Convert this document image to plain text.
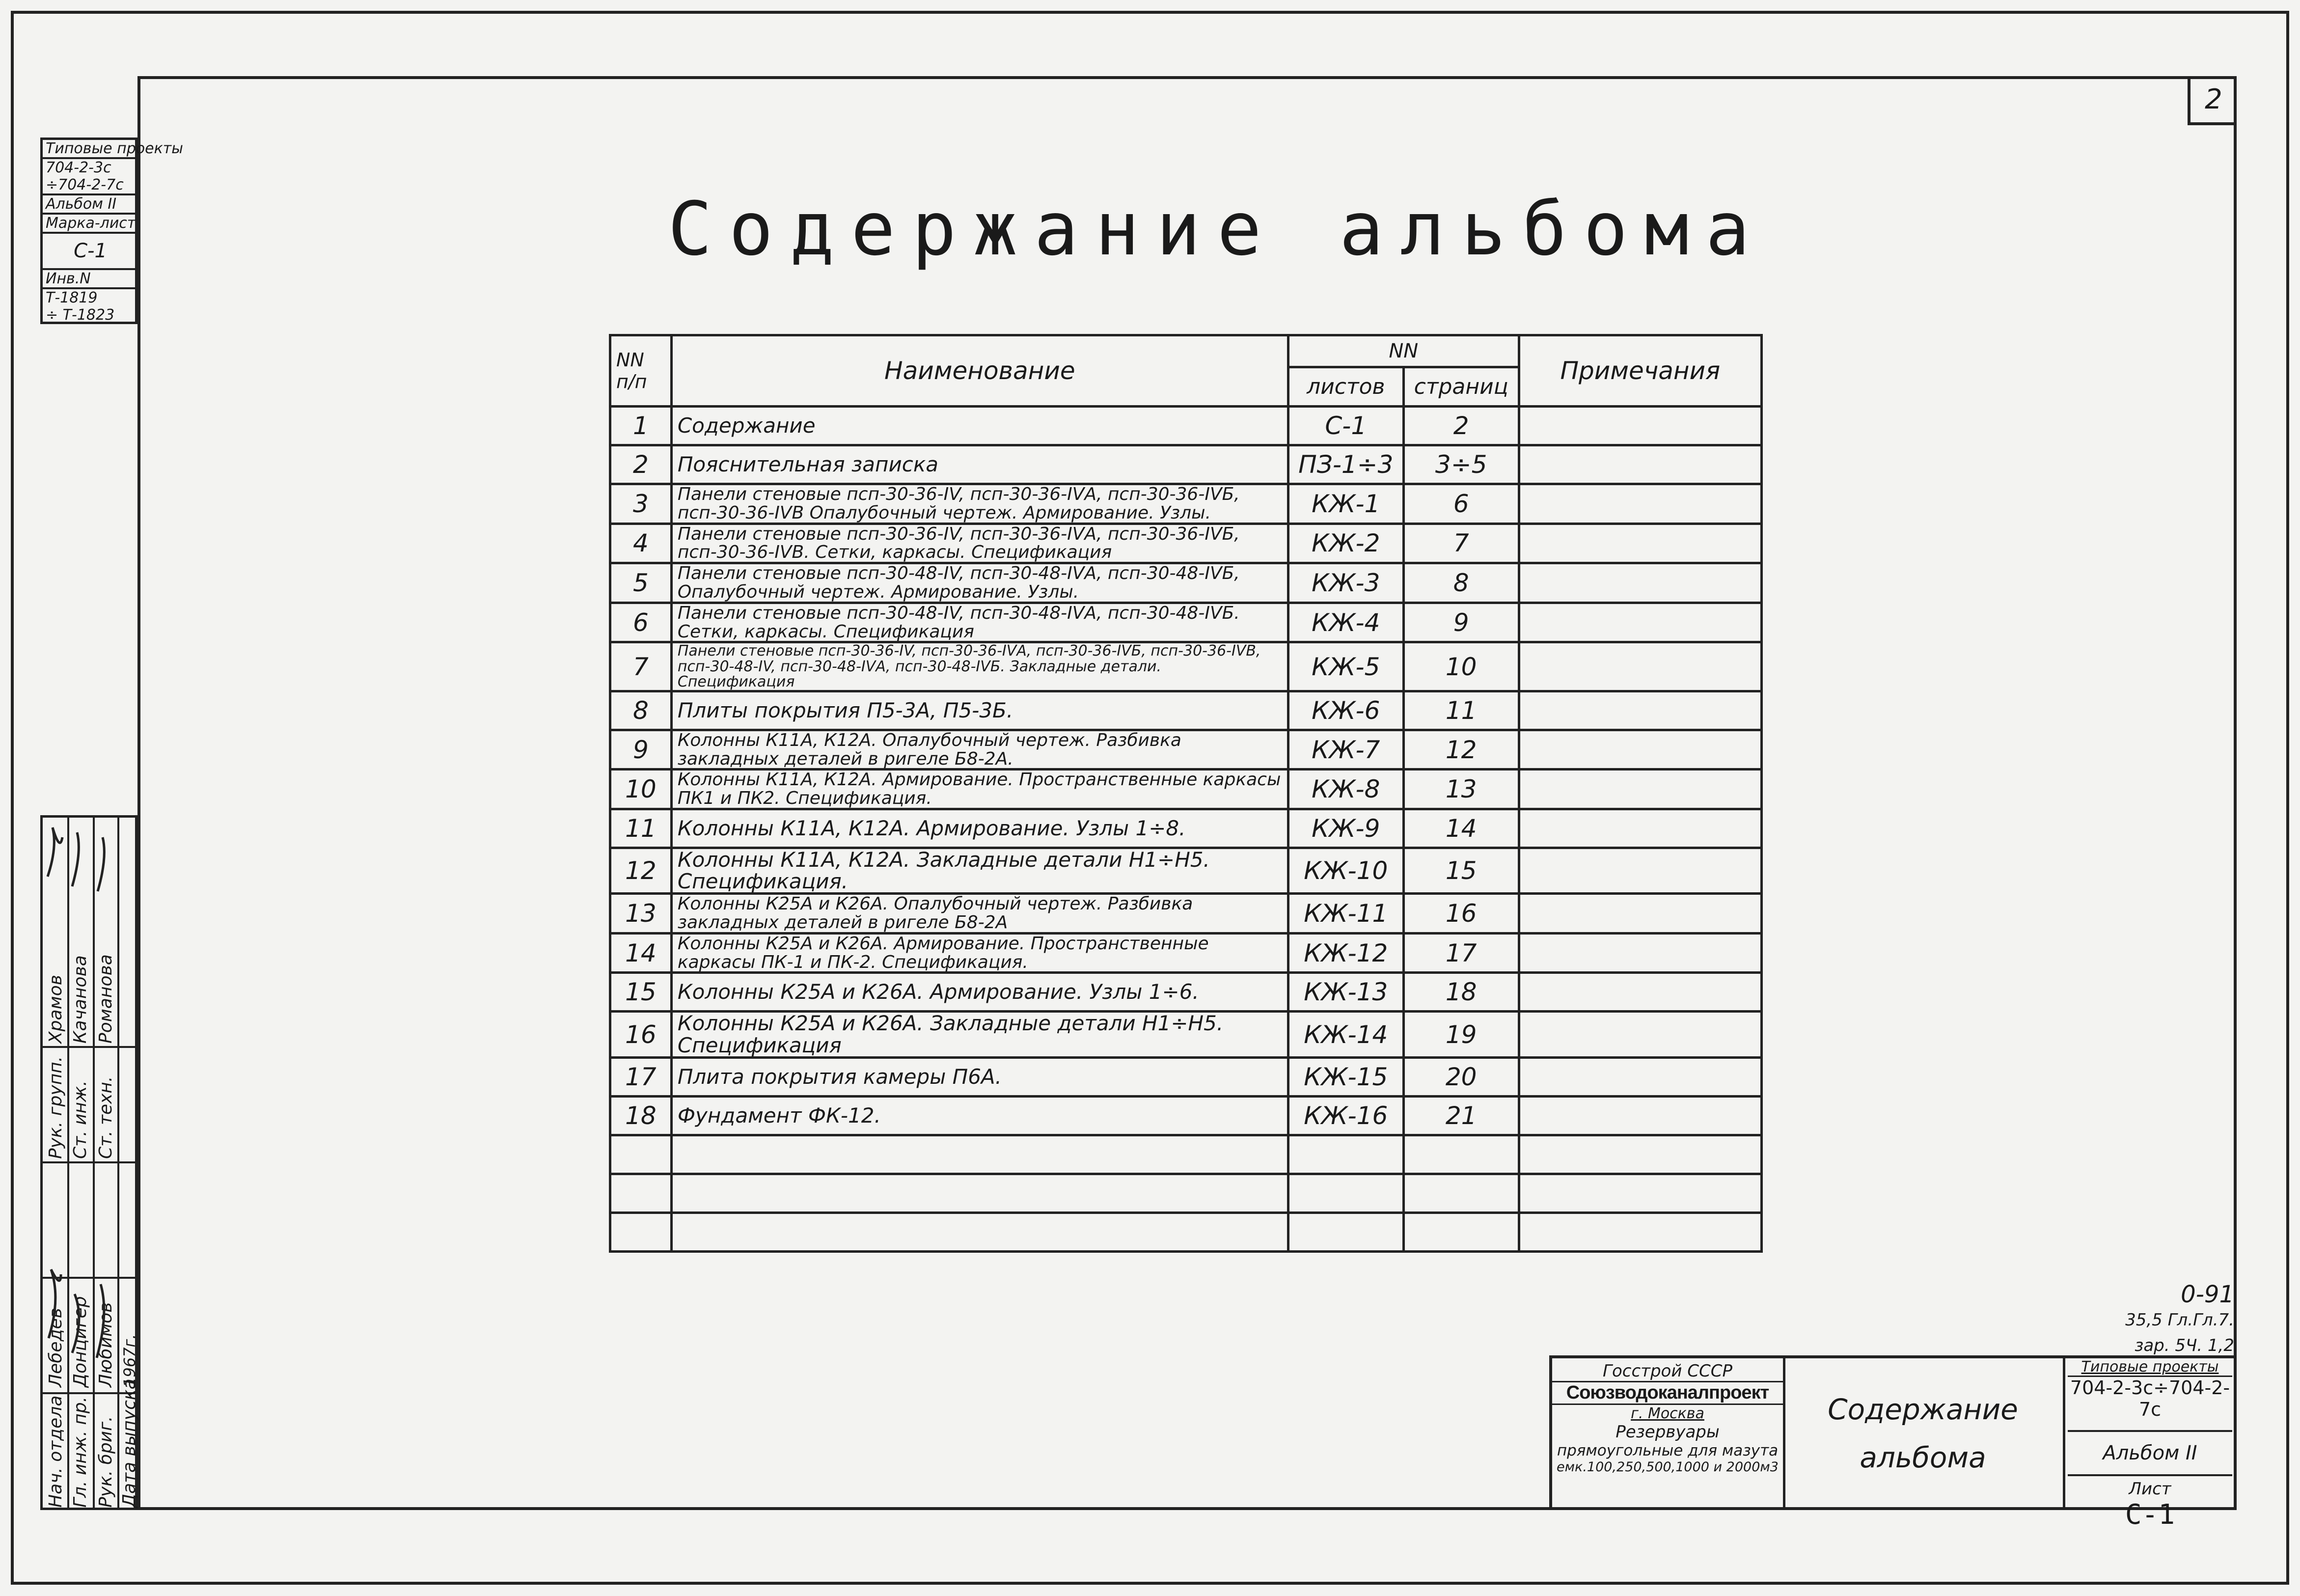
2
Содержание альбома
Типовые проекты
704-2-3с
÷704-2-7с
Альбом II
Марка-лист
С-1
Инв.N
Т-1819
÷ Т-1823
Нач. отдела Гл. инж. пр. Рук. бриг. Дата выпуска
Лебедев Донцигер Любимов
Рук. групп. Ст. инж. Ст. техн.
Храмов Качанова Романова
1967г.
NN п/п	Наименование	NN		Примечания
		листов	страниц	
1	Содержание	С-1	2	
2	Пояснительная записка	ПЗ-1÷3	3÷5	
3	Панели стеновые псп-30-36-IV, псп-30-36-IVА, псп-30-36-IVБ, псп-30-36-IVВ Опалубочный чертеж. Армирование. Узлы.	КЖ-1	6	
4	Панели стеновые псп-30-36-IV, псп-30-36-IVА, псп-30-36-IVБ, псп-30-36-IVВ. Сетки, каркасы. Спецификация	КЖ-2	7	
5	Панели стеновые псп-30-48-IV, псп-30-48-IVА, псп-30-48-IVБ, Опалубочный чертеж. Армирование. Узлы.	КЖ-3	8	
6	Панели стеновые псп-30-48-IV, псп-30-48-IVА, псп-30-48-IVБ. Сетки, каркасы. Спецификация	КЖ-4	9	
7	Панели стеновые псп-30-36-IV, псп-30-36-IVА, псп-30-36-IVБ, псп-30-36-IVВ, псп-30-48-IV, псп-30-48-IVА, псп-30-48-IVБ. Закладные детали. Спецификация	КЖ-5	10	
8	Плиты покрытия П5-3А, П5-3Б.	КЖ-6	11	
9	Колонны К11А, К12А. Опалубочный чертеж. Разбивка закладных деталей в ригеле Б8-2А.	КЖ-7	12	
10	Колонны К11А, К12А. Армирование. Пространственные каркасы ПК1 и ПК2. Спецификация.	КЖ-8	13	
11	Колонны К11А, К12А. Армирование. Узлы 1÷8.	КЖ-9	14	
12	Колонны К11А, К12А. Закладные детали Н1÷Н5. Спецификация.	КЖ-10	15	
13	Колонны К25А и К26А. Опалубочный чертеж. Разбивка закладных деталей в ригеле Б8-2А	КЖ-11	16	
14	Колонны К25А и К26А. Армирование. Пространственные каркасы ПК-1 и ПК-2. Спецификация.	КЖ-12	17	
15	Колонны К25А и К26А. Армирование. Узлы 1÷6.	КЖ-13	18	
16	Колонны К25А и К26А. Закладные детали Н1÷Н5. Спецификация	КЖ-14	19	
17	Плита покрытия камеры П6А.	КЖ-15	20	
18	Фундамент ФК-12.	КЖ-16	21	

0-91
35,5 Гл.Гл.7.
зар. 5Ч. 1,2
Госстрой СССР
Союзводоканалпроект
г. Москва
Резервуары
прямоугольные для мазута
емк.100,250,500,1000 и 2000м3
Содержание
альбома
Типовые проекты
704-2-3с÷704-2-7с
Альбом II
Лист
С-1
